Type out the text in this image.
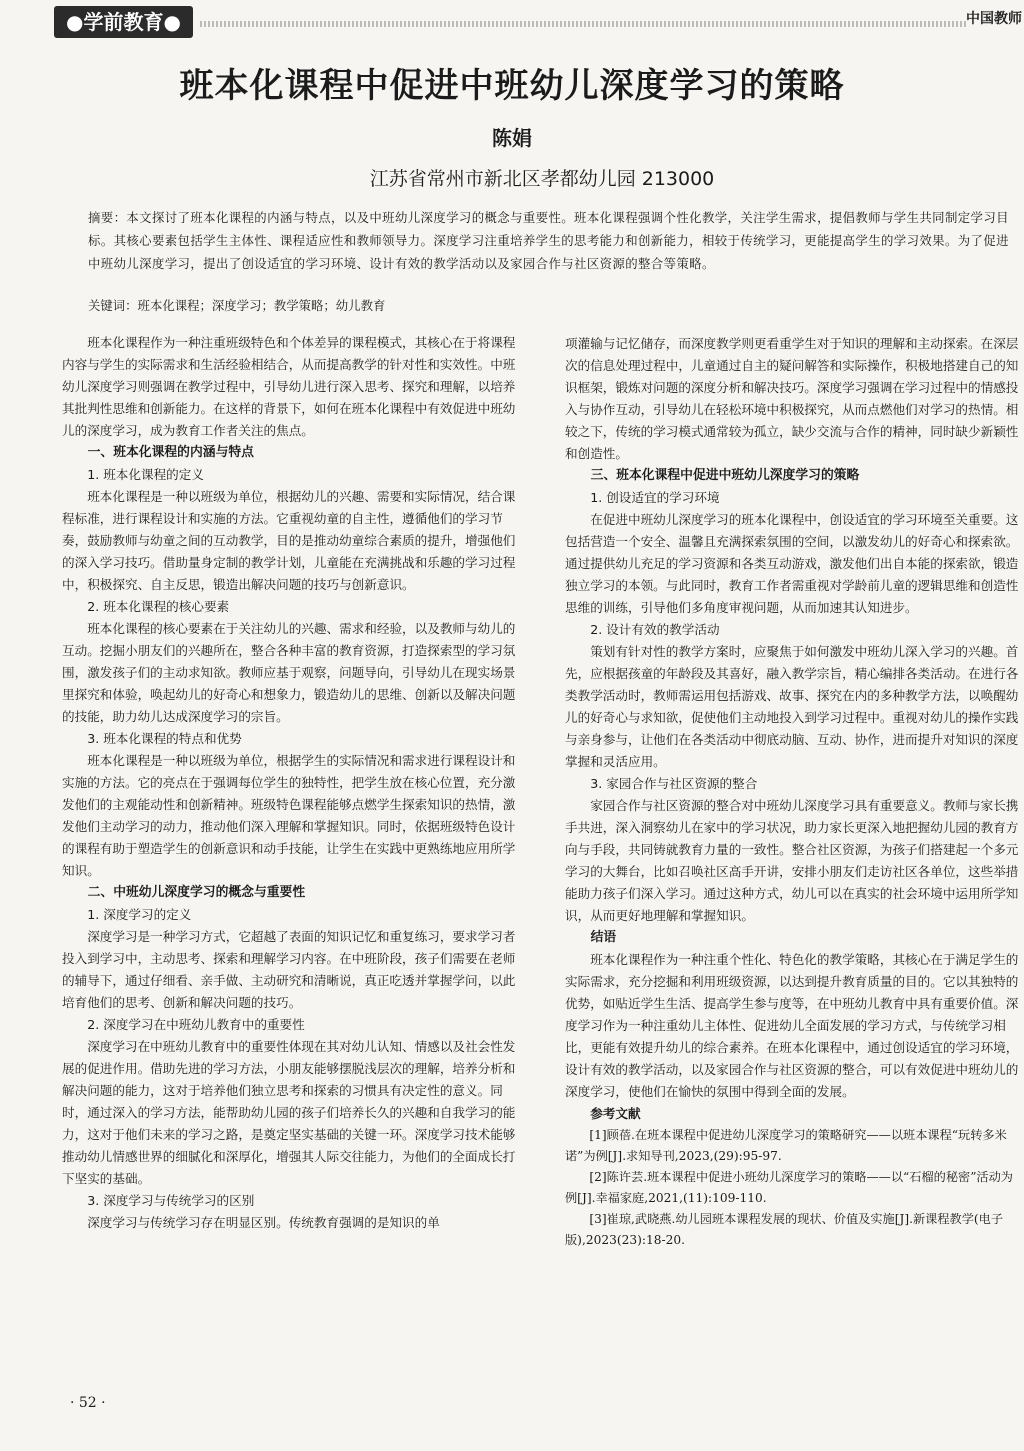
●学前教育●	中国教师
班本化课程中促进中班幼儿深度学习的策略
陈娟
江苏省常州市新北区孝都幼儿园 213000
摘要：本文探讨了班本化课程的内涵与特点，以及中班幼儿深度学习的概念与重要性。班本化课程强调个性化教学，关注学生需求，提倡教师与学生共同制定学习目标。其核心要素包括学生主体性、课程适应性和教师领导力。深度学习注重培养学生的思考能力和创新能力，相较于传统学习，更能提高学生的学习效果。为了促进中班幼儿深度学习，提出了创设适宜的学习环境、设计有效的教学活动以及家园合作与社区资源的整合等策略。
关键词：班本化课程；深度学习；教学策略；幼儿教育

班本化课程作为一种注重班级特色和个体差异的课程模式，其核心在于将课程内容与学生的实际需求和生活经验相结合，从而提高教学的针对性和实效性。中班幼儿深度学习则强调在教学过程中，引导幼儿进行深入思考、探究和理解，以培养其批判性思维和创新能力。在这样的背景下，如何在班本化课程中有效促进中班幼儿的深度学习，成为教育工作者关注的焦点。

一、班本化课程的内涵与特点
1. 班本化课程的定义

班本化课程是一种以班级为单位，根据幼儿的兴趣、需要和实际情况，结合课程标准，进行课程设计和实施的方法。它重视幼童的自主性，遵循他们的学习节奏，鼓励教师与幼童之间的互动教学，目的是推动幼童综合素质的提升，增强他们的深入学习技巧。借助量身定制的教学计划，儿童能在充满挑战和乐趣的学习过程中，积极探究、自主反思，锻造出解决问题的技巧与创新意识。

2. 班本化课程的核心要素

班本化课程的核心要素在于关注幼儿的兴趣、需求和经验，以及教师与幼儿的互动。挖掘小朋友们的兴趣所在，整合各种丰富的教育资源，打造探索型的学习氛围，激发孩子们的主动求知欲。教师应基于观察，问题导向，引导幼儿在现实场景里探究和体验，唤起幼儿的好奇心和想象力，锻造幼儿的思维、创新以及解决问题的技能，助力幼儿达成深度学习的宗旨。

3. 班本化课程的特点和优势

班本化课程是一种以班级为单位，根据学生的实际情况和需求进行课程设计和实施的方法。它的亮点在于强调每位学生的独特性，把学生放在核心位置，充分激发他们的主观能动性和创新精神。班级特色课程能够点燃学生探索知识的热情，激发他们主动学习的动力，推动他们深入理解和掌握知识。同时，依据班级特色设计的课程有助于塑造学生的创新意识和动手技能，让学生在实践中更熟练地应用所学知识。

二、中班幼儿深度学习的概念与重要性
1. 深度学习的定义

深度学习是一种学习方式，它超越了表面的知识记忆和重复练习，要求学习者投入到学习中，主动思考、探索和理解学习内容。在中班阶段，孩子们需要在老师的辅导下，通过仔细看、亲手做、主动研究和清晰说，真正吃透并掌握学问，以此培育他们的思考、创新和解决问题的技巧。

2. 深度学习在中班幼儿教育中的重要性

深度学习在中班幼儿教育中的重要性体现在其对幼儿认知、情感以及社会性发展的促进作用。借助先进的学习方法，小朋友能够摆脱浅层次的理解，培养分析和解决问题的能力，这对于培养他们独立思考和探索的习惯具有决定性的意义。同时，通过深入的学习方法，能帮助幼儿园的孩子们培养长久的兴趣和自我学习的能力，这对于他们未来的学习之路，是奠定坚实基础的关键一环。深度学习技术能够推动幼儿情感世界的细腻化和深厚化，增强其人际交往能力，为他们的全面成长打下坚实的基础。

3. 深度学习与传统学习的区别

深度学习与传统学习存在明显区别。传统教育强调的是知识的单

项灌输与记忆储存，而深度教学则更看重学生对于知识的理解和主动探索。在深层次的信息处理过程中，儿童通过自主的疑问解答和实际操作，积极地搭建自己的知识框架，锻炼对问题的深度分析和解决技巧。深度学习强调在学习过程中的情感投入与协作互动，引导幼儿在轻松环境中积极探究，从而点燃他们对学习的热情。相较之下，传统的学习模式通常较为孤立，缺少交流与合作的精神，同时缺少新颖性和创造性。

三、班本化课程中促进中班幼儿深度学习的策略
1. 创设适宜的学习环境

在促进中班幼儿深度学习的班本化课程中，创设适宜的学习环境至关重要。这包括营造一个安全、温馨且充满探索氛围的空间，以激发幼儿的好奇心和探索欲。通过提供幼儿充足的学习资源和各类互动游戏，激发他们出自本能的探索欲，锻造独立学习的本领。与此同时，教育工作者需重视对学龄前儿童的逻辑思维和创造性思维的训练，引导他们多角度审视问题，从而加速其认知进步。

2. 设计有效的教学活动

策划有针对性的教学方案时，应聚焦于如何激发中班幼儿深入学习的兴趣。首先，应根据孩童的年龄段及其喜好，融入教学宗旨，精心编排各类活动。在进行各类教学活动时，教师需运用包括游戏、故事、探究在内的多种教学方法，以唤醒幼儿的好奇心与求知欲，促使他们主动地投入到学习过程中。重视对幼儿的操作实践与亲身参与，让他们在各类活动中彻底动脑、互动、协作，进而提升对知识的深度掌握和灵活应用。

3. 家园合作与社区资源的整合

家园合作与社区资源的整合对中班幼儿深度学习具有重要意义。教师与家长携手共进，深入洞察幼儿在家中的学习状况，助力家长更深入地把握幼儿园的教育方向与手段，共同铸就教育力量的一致性。整合社区资源，为孩子们搭建起一个多元学习的大舞台，比如召唤社区高手开讲，安排小朋友们走访社区各单位，这些举措能助力孩子们深入学习。通过这种方式，幼儿可以在真实的社会环境中运用所学知识，从而更好地理解和掌握知识。

结语

班本化课程作为一种注重个性化、特色化的教学策略，其核心在于满足学生的实际需求，充分挖掘和利用班级资源，以达到提升教育质量的目的。它以其独特的优势，如贴近学生生活、提高学生参与度等，在中班幼儿教育中具有重要价值。深度学习作为一种注重幼儿主体性、促进幼儿全面发展的学习方式，与传统学习相比，更能有效提升幼儿的综合素养。在班本化课程中，通过创设适宜的学习环境，设计有效的教学活动，以及家园合作与社区资源的整合，可以有效促进中班幼儿的深度学习，使他们在愉快的氛围中得到全面的发展。

参考文献

[1]顾蓓.在班本课程中促进幼儿深度学习的策略研究——以班本课程“玩转多米诺”为例[J].求知导刊,2023,(29):95-97.

[2]陈许芸.班本课程中促进小班幼儿深度学习的策略——以“石榴的秘密”活动为例[J].幸福家庭,2021,(11):109-110.

[3]崔琼,武晓燕.幼儿园班本课程发展的现状、价值及实施[J].新课程教学(电子版),2023(23):18-20.

· 52 ·
